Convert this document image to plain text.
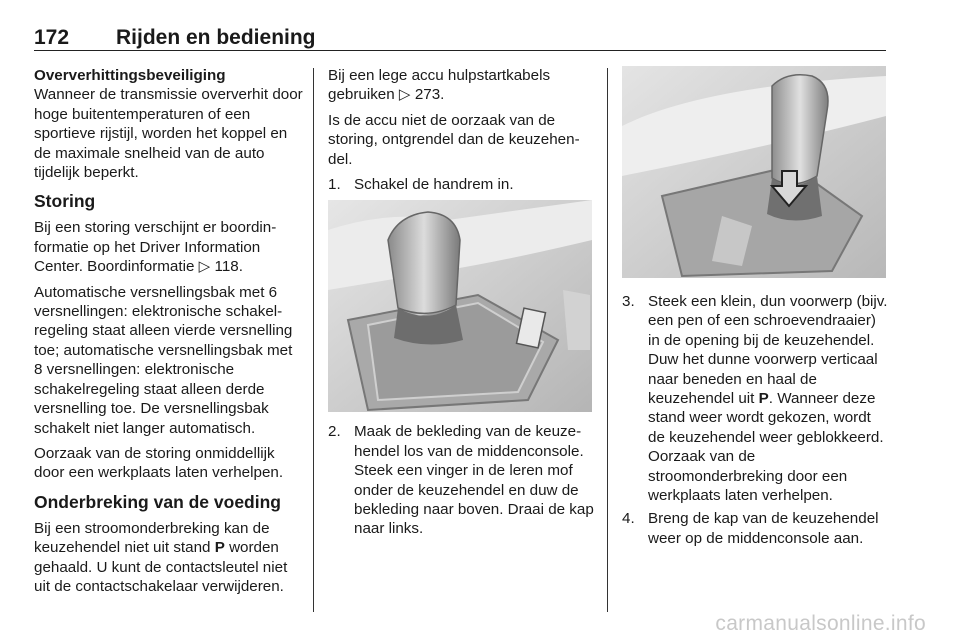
172 Rijden en bediening
Oververhittingsbeveiliging

Wanneer de transmissie oververhit door hoge buitentemperaturen of een sportieve rijstijl, worden het koppel en de maximale snelheid van de auto tijdelijk beperkt.

Storing

Bij een storing verschijnt er boordinformatie op het Driver Information Center. Boordinformatie ▷ 118.

Automatische versnellingsbak met 6 versnellingen: elektronische schakelregeling staat alleen vierde versnelling toe; automatische versnellingsbak met 8 versnellingen: elektronische schakelregeling staat alleen derde versnelling toe. De versnellingsbak schakelt niet langer automatisch.

Oorzaak van de storing onmiddellijk door een werkplaats laten verhelpen.

Onderbreking van de voeding

Bij een stroomonderbreking kan de keuzehendel niet uit stand P worden gehaald. U kunt de contactsleutel niet uit de contactschakelaar verwijderen.

Bij een lege accu hulpstartkabels gebruiken ▷ 273.

Is de accu niet de oorzaak van de storing, ontgrendel dan de keuzehendel.

1. Schakel de handrem in.
2. Maak de bekleding van de keuzehendel los van de middenconsole. Steek een vinger in de leren mof onder de keuzehendel en duw de bekleding naar boven. Draai de kap naar links.
3. Steek een klein, dun voorwerp (bijv. een pen of een schroevendraaier) in de opening bij de keuzehendel. Duw het dunne voorwerp verticaal naar beneden en haal de keuzehendel uit P. Wanneer deze stand weer wordt gekozen, wordt de keuzehendel weer geblokkeerd. Oorzaak van de stroomonderbreking door een werkplaats laten verhelpen.
4. Breng de kap van de keuzehendel weer op de middenconsole aan.
carmanualsonline.info
